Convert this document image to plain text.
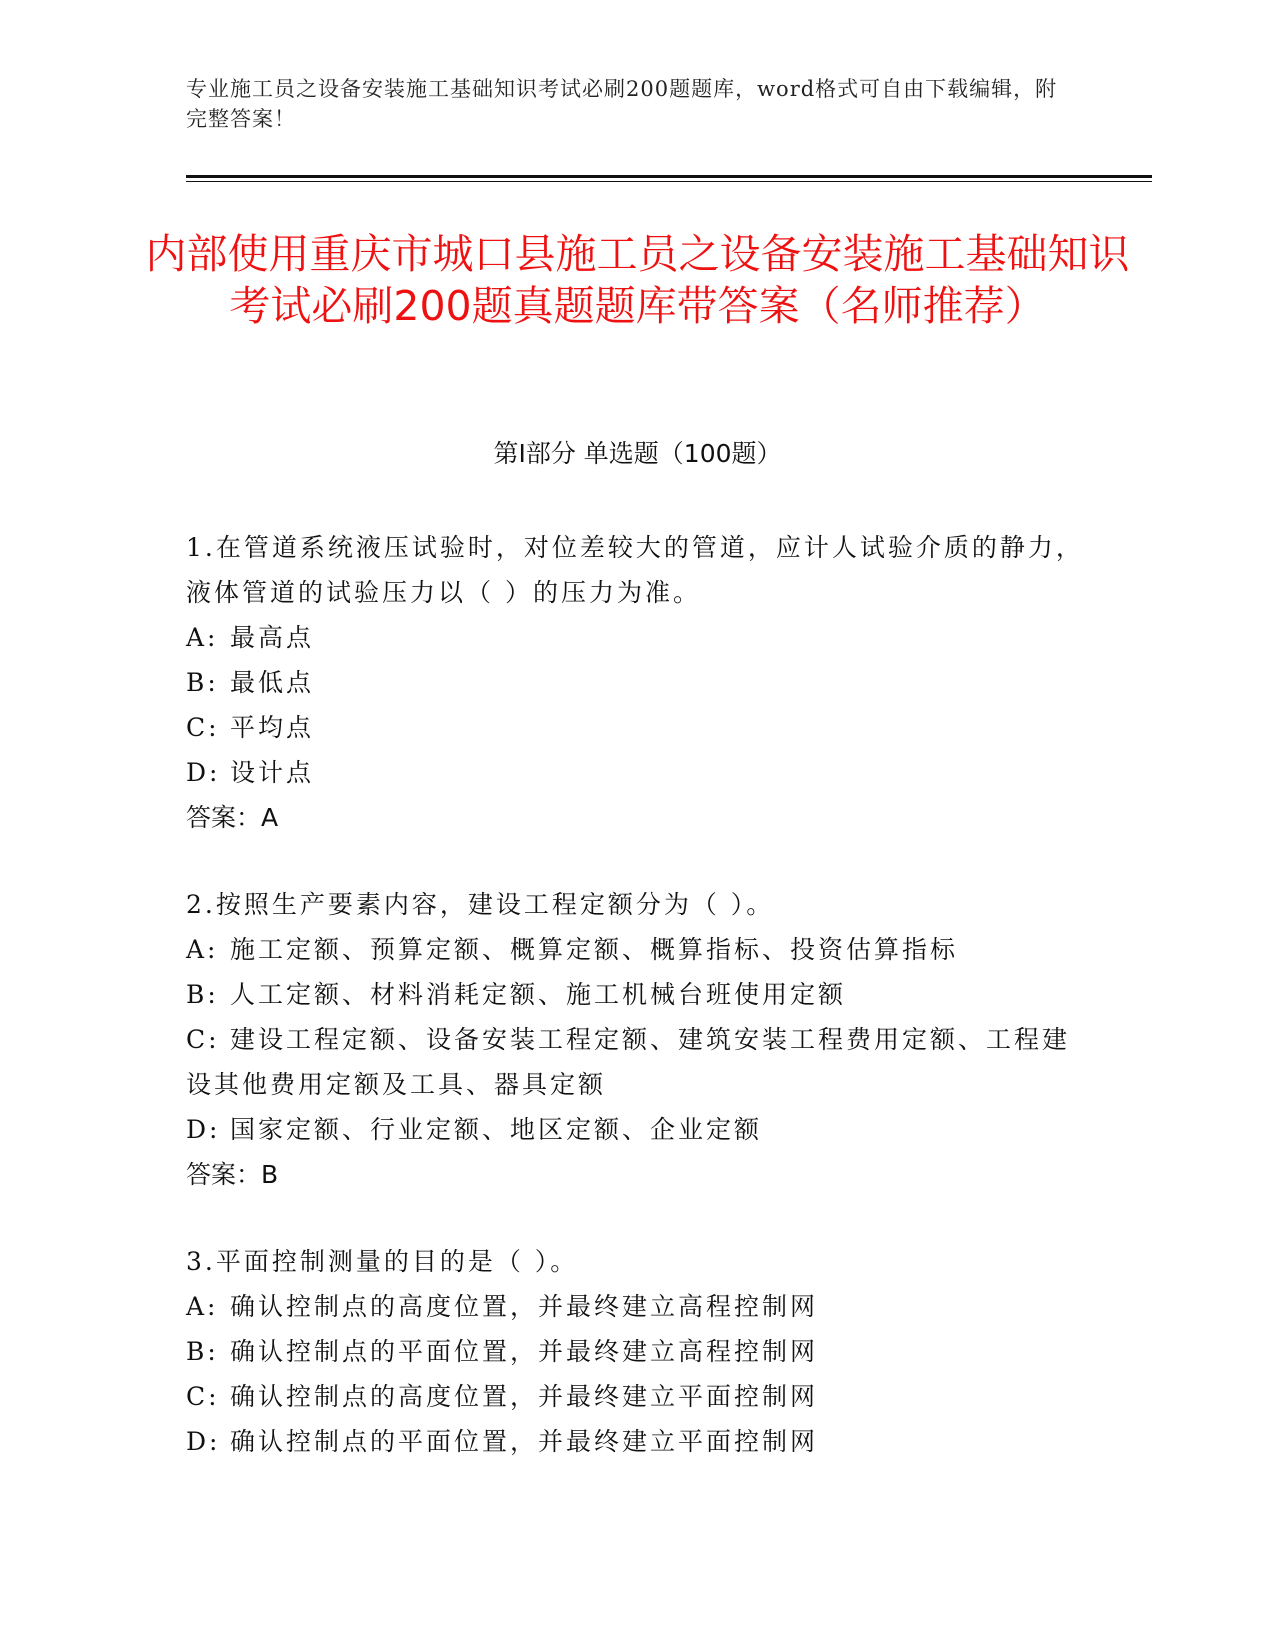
专业施工员之设备安装施工基础知识考试必刷200题题库，word格式可自由下载编辑，附完整答案！
内部使用重庆市城口县施工员之设备安装施工基础知识考试必刷200题真题题库带答案（名师推荐）
第Ⅰ部分 单选题（100题）
1.在管道系统液压试验时，对位差较大的管道，应计人试验介质的静力，液体管道的试验压力以（ ）的压力为准。
A: 最高点
B: 最低点
C: 平均点
D: 设计点
答案：A
2.按照生产要素内容，建设工程定额分为（ ）。
A: 施工定额、预算定额、概算定额、概算指标、投资估算指标
B: 人工定额、材料消耗定额、施工机械台班使用定额
C: 建设工程定额、设备安装工程定额、建筑安装工程费用定额、工程建设其他费用定额及工具、器具定额
D: 国家定额、行业定额、地区定额、企业定额
答案：B
3.平面控制测量的目的是（ ）。
A: 确认控制点的高度位置，并最终建立高程控制网
B: 确认控制点的平面位置，并最终建立高程控制网
C: 确认控制点的高度位置，并最终建立平面控制网
D: 确认控制点的平面位置，并最终建立平面控制网
